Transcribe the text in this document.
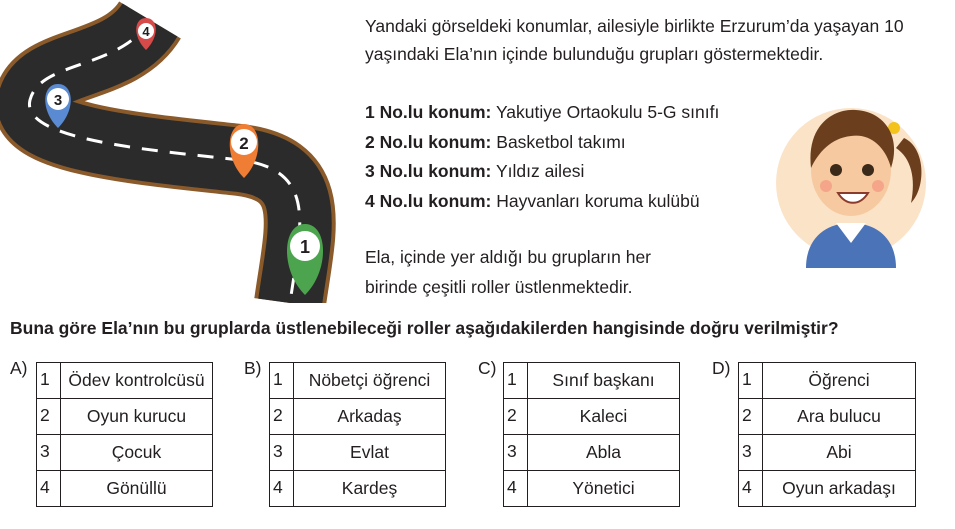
4
3
2
1

Yandaki görseldeki konumlar, ailesiyle birlikte Erzurum’da yaşayan 10 yaşındaki Ela’nın içinde bulunduğu grupları göstermektedir.

1 No.lu konum: Yakutiye Ortaokulu 5-G sınıfı
2 No.lu konum: Basketbol takımı
3 No.lu konum: Yıldız ailesi
4 No.lu konum: Hayvanları koruma kulübü

Ela, içinde yer aldığı bu grupların her birinde çeşitli roller üstlenmektedir.

Buna göre Ela’nın bu gruplarda üstlenebileceği roller aşağıdakilerden hangisinde doğru verilmiştir?

A)
1	Ödev kontrolcüsü
2	Oyun kurucu
3	Çocuk
4	Gönüllü
B)
1	Nöbetçi öğrenci
2	Arkadaş
3	Evlat
4	Kardeş
C)
1	Sınıf başkanı
2	Kaleci
3	Abla
4	Yönetici
D)
1	Öğrenci
2	Ara bulucu
3	Abi
4	Oyun arkadaşı
